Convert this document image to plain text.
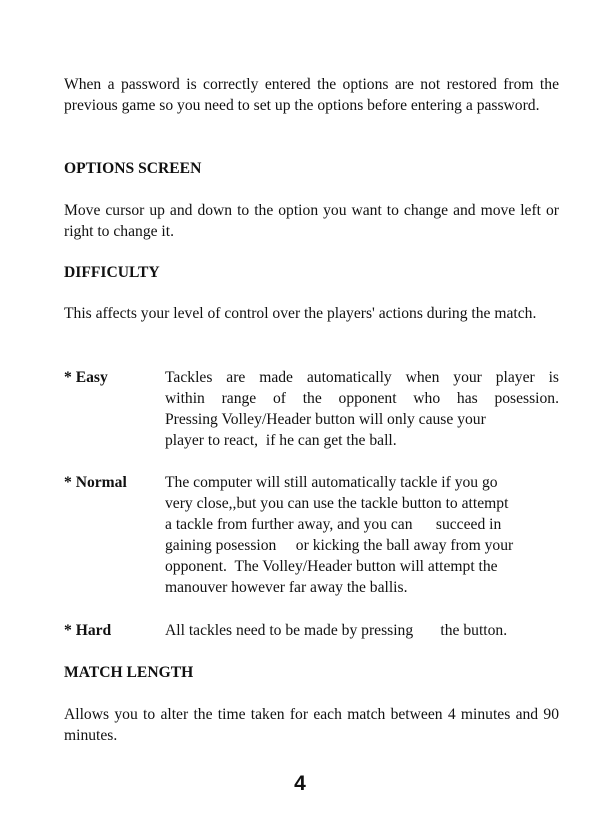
When a password is correctly entered the options are not restored from the previous game so you need to set up the options before entering a password.

OPTIONS SCREEN

Move cursor up and down to the option you want to change and move left or right to change it.

DIFFICULTY

This affects your level of control over the players' actions during the match.

* Easy	Tackles are made automatically when your player is
within range of the opponent who has posession.
Pressing Volley/Header button will only cause your
player to react,  if he can get the ball.
* Normal The computer will still automatically tackle if you go
very close,,but you can use the tackle button to attempt
a tackle from further away, and you can      succeed in
gaining posession     or kicking the ball away from your
opponent.  The Volley/Header button will attempt the
manouver however far away the ballis.
* Hard	All tackles need to be made by pressing       the button.
MATCH LENGTH

Allows you to alter the time taken for each match between 4 minutes and 90 minutes.

4
